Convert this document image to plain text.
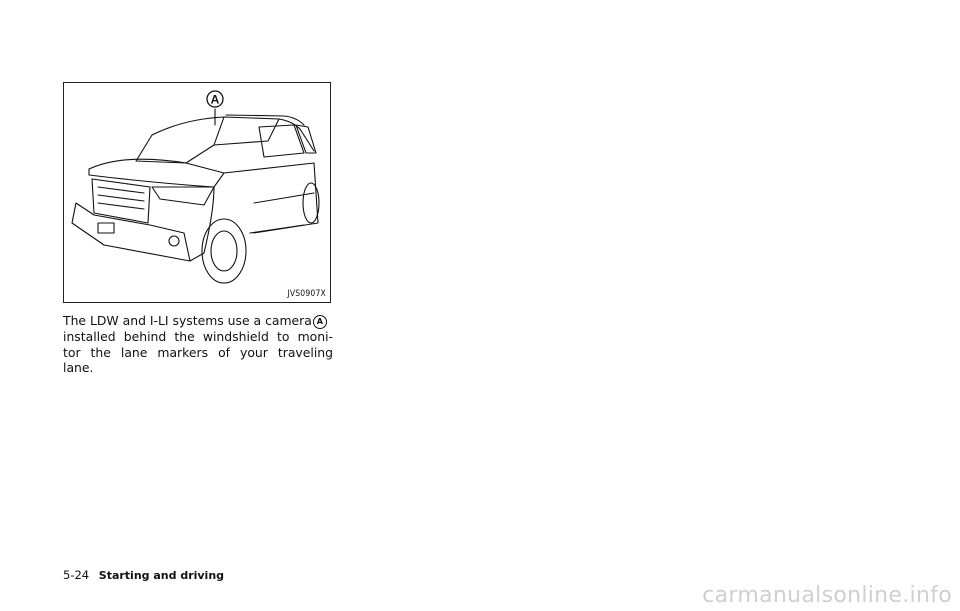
A
JVS0907X
The LDW and I-LI systems use a camera A
installed behind the windshield to moni-
tor the lane markers of your traveling
lane.
5-24 Starting and driving
carmanualsonline.info
